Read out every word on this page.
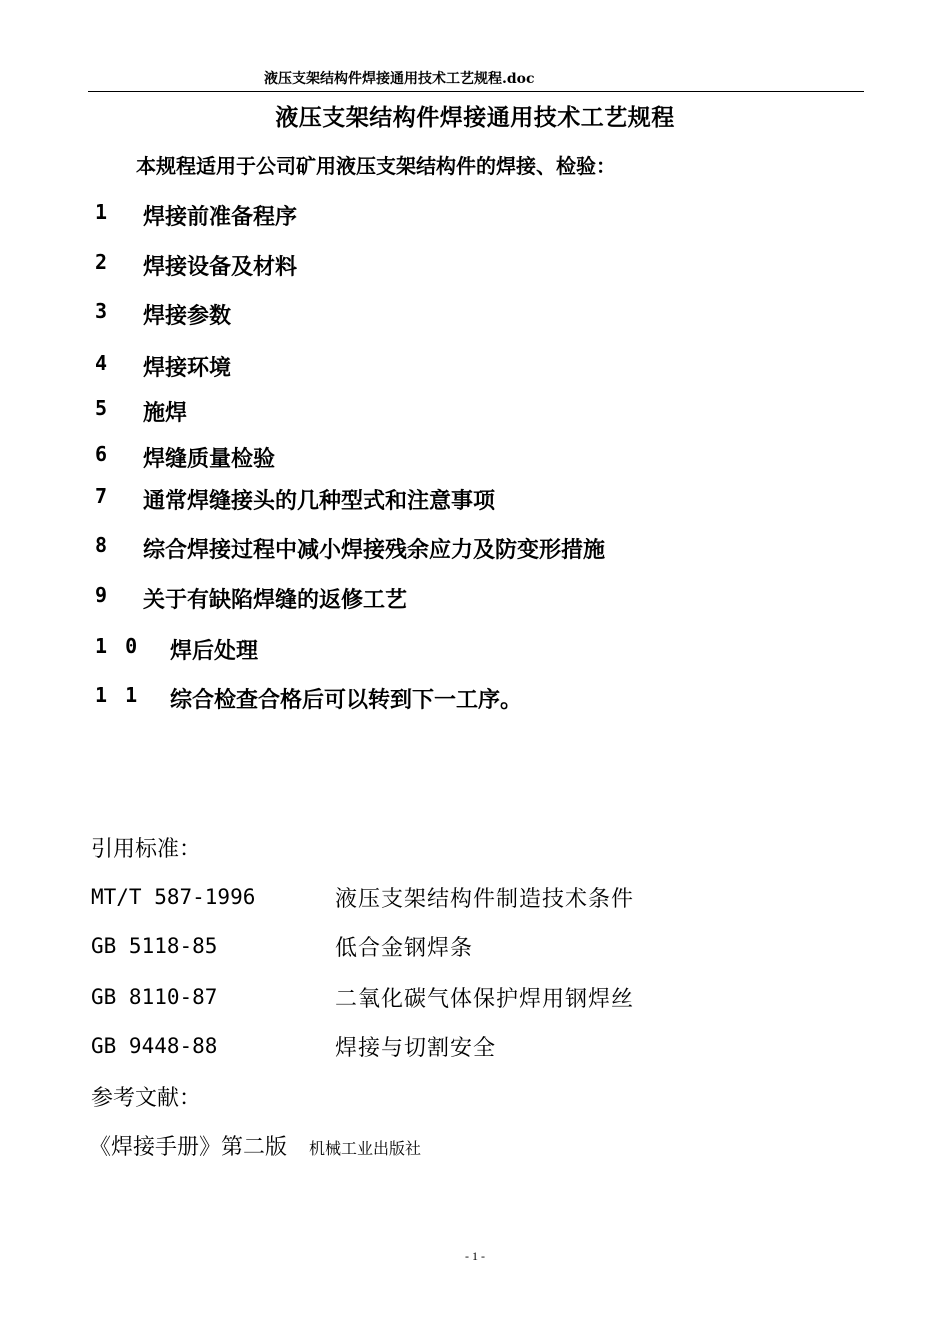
液压支架结构件焊接通用技术工艺规程.doc
液压支架结构件焊接通用技术工艺规程
本规程适用于公司矿用液压支架结构件的焊接、检验：
1 焊接前准备程序
2 焊接设备及材料
3 焊接参数
4 焊接环境
5 施焊
6 焊缝质量检验
7 通常焊缝接头的几种型式和注意事项
8 综合焊接过程中减小焊接残余应力及防变形措施
9 关于有缺陷焊缝的返修工艺
1 0 焊后处理
1 1 综合检查合格后可以转到下一工序。
引用标准：
MT/T 587-1996	液压支架结构件制造技术条件
GB 5118-85	低合金钢焊条
GB 8110-87	二氧化碳气体保护焊用钢焊丝
GB 9448-88	焊接与切割安全
参考文献：
《焊接手册》第二版 机械工业出版社
- 1 -
